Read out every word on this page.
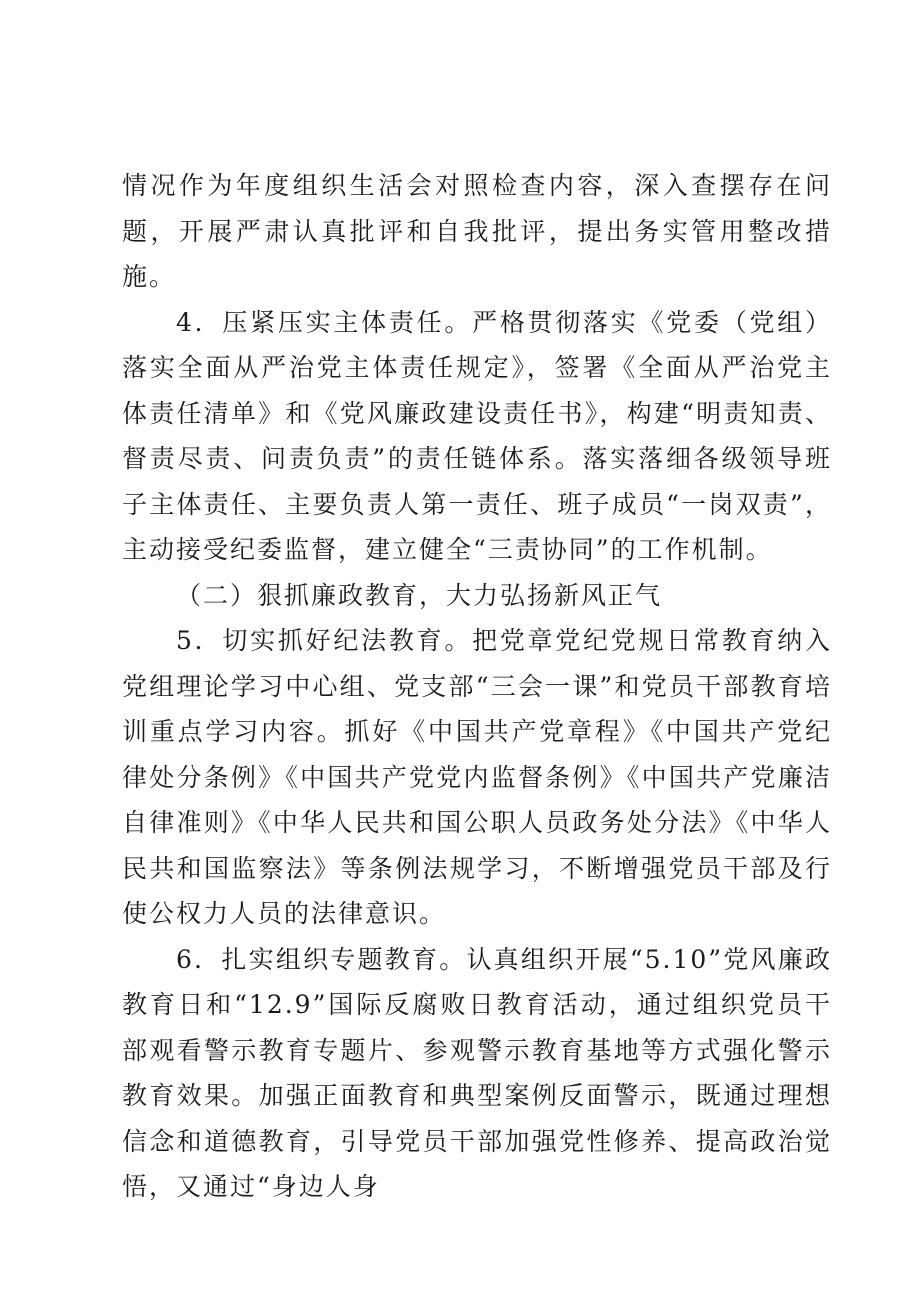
情况作为年度组织生活会对照检查内容，深入查摆存在问题，开展严肃认真批评和自我批评，提出务实管用整改措施。

4．压紧压实主体责任。严格贯彻落实《党委（党组）落实全面从严治党主体责任规定》，签署《全面从严治党主体责任清单》和《党风廉政建设责任书》，构建“明责知责、督责尽责、问责负责”的责任链体系。落实落细各级领导班子主体责任、主要负责人第一责任、班子成员“一岗双责”，主动接受纪委监督，建立健全“三责协同”的工作机制。

（二）狠抓廉政教育，大力弘扬新风正气

5．切实抓好纪法教育。把党章党纪党规日常教育纳入党组理论学习中心组、党支部“三会一课”和党员干部教育培训重点学习内容。抓好《中国共产党章程》《中国共产党纪律处分条例》《中国共产党党内监督条例》《中国共产党廉洁自律准则》《中华人民共和国公职人员政务处分法》《中华人民共和国监察法》等条例法规学习，不断增强党员干部及行使公权力人员的法律意识。

6．扎实组织专题教育。认真组织开展“5.10”党风廉政教育日和“12.9”国际反腐败日教育活动，通过组织党员干部观看警示教育专题片、参观警示教育基地等方式强化警示教育效果。加强正面教育和典型案例反面警示，既通过理想信念和道德教育，引导党员干部加强党性修养、提高政治觉悟，又通过“身边人身
